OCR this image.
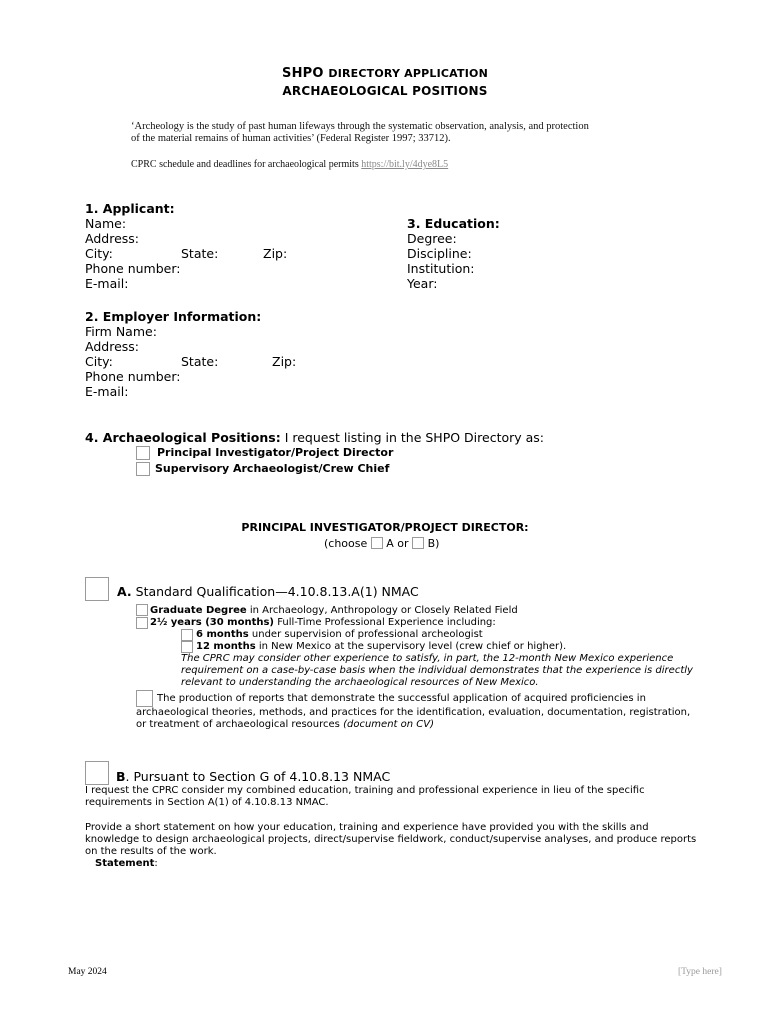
SHPO DIRECTORY APPLICATION
ARCHAEOLOGICAL POSITIONS
‘Archeology is the study of past human lifeways through the systematic observation, analysis, and protection
of the material remains of human activities’ (Federal Register 1997; 33712).
CPRC schedule and deadlines for archaeological permits https://bit.ly/4dye8L5
1. Applicant:
Name:
Address:
City:	State:	Zip:
Phone number:
E-mail:
3. Education:
Degree:
Discipline:
Institution:
Year:
2. Employer Information:
Firm Name:
Address:
City:	State:	Zip:
Phone number:
E-mail:
4. Archaeological Positions: I request listing in the SHPO Directory as:
Principal Investigator/Project Director
Supervisory Archaeologist/Crew Chief
PRINCIPAL INVESTIGATOR/PROJECT DIRECTOR:
(choose A or B)
A. Standard Qualification—4.10.8.13.A(1) NMAC
Graduate Degree in Archaeology, Anthropology or Closely Related Field
2½ years (30 months) Full-Time Professional Experience including:
6 months under supervision of professional archeologist
12 months in New Mexico at the supervisory level (crew chief or higher).
The CPRC may consider other experience to satisfy, in part, the 12-month New Mexico experience
requirement on a case-by-case basis when the individual demonstrates that the experience is directly
relevant to understanding the archaeological resources of New Mexico.
The production of reports that demonstrate the successful application of acquired proficiencies in
archaeological theories, methods, and practices for the identification, evaluation, documentation, registration,
or treatment of archaeological resources (document on CV)
B. Pursuant to Section G of 4.10.8.13 NMAC
I request the CPRC consider my combined education, training and professional experience in lieu of the specific
requirements in Section A(1) of 4.10.8.13 NMAC.
Provide a short statement on how your education, training and experience have provided you with the skills and
knowledge to design archaeological projects, direct/supervise fieldwork, conduct/supervise analyses, and produce reports
on the results of the work.
Statement:
May 2024	[Type here]
